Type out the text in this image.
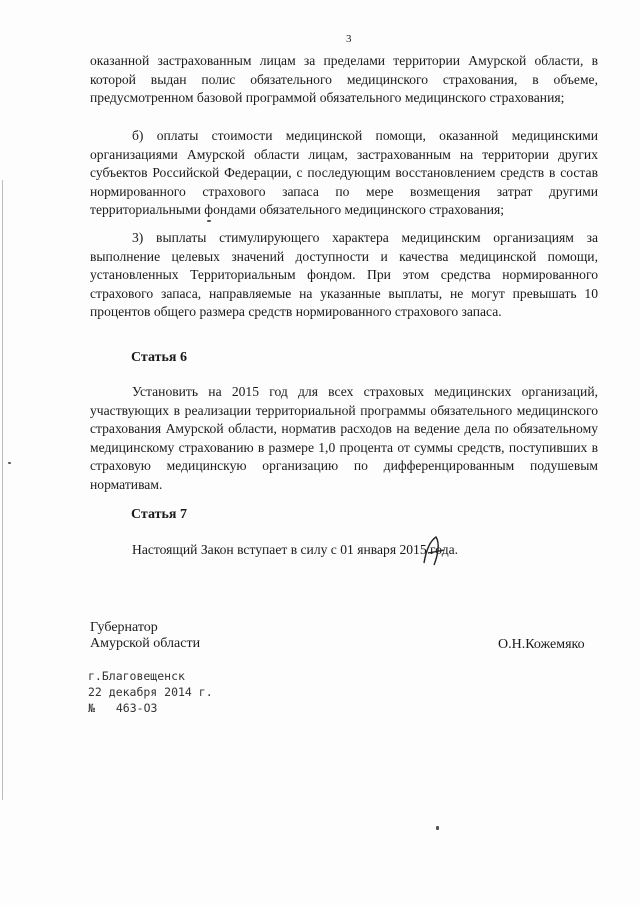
3

оказанной застрахованным лицам за пределами территории Амурской области, в которой выдан полис обязательного медицинского страхования, в объеме, предусмотренном базовой программой обязательного медицинского страхования;

б) оплаты стоимости медицинской помощи, оказанной медицинскими организациями Амурской области лицам, застрахованным на территории других субъектов Российской Федерации, с последующим восстановлением средств в состав нормированного страхового запаса по мере возмещения затрат другими территориальными фондами обязательного медицинского страхования;

3) выплаты стимулирующего характера медицинским организациям за выполнение целевых значений доступности и качества медицинской помощи, установленных Территориальным фондом. При этом средства нормированного страхового запаса, направляемые на указанные выплаты, не могут превышать 10 процентов общего размера средств нормированного страхового запаса.

Статья 6

Установить на 2015 год для всех страховых медицинских организаций, участвующих в реализации территориальной программы обязательного медицинского страхования Амурской области, норматив расходов на ведение дела по обязательному медицинскому страхованию в размере 1,0 процента от суммы средств, поступивших в страховую медицинскую организацию по дифференцированным подушевым нормативам.

Статья 7

Настоящий Закон вступает в силу с 01 января 2015 года.

Губернатор
Амурской области	О.Н.Кожемяко
г.Благовещенск
22 декабря 2014 г.
№ 463-ОЗ
